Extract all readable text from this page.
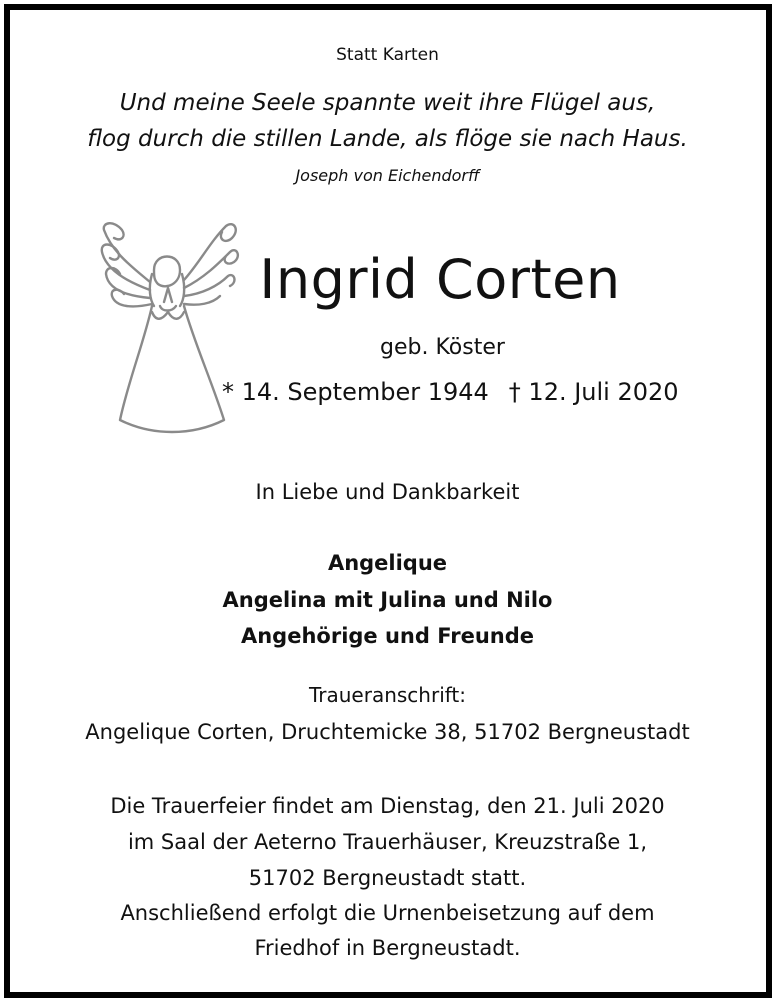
Statt Karten
Und meine Seele spannte weit ihre Flügel aus,
flog durch die stillen Lande, als flöge sie nach Haus.
Joseph von Eichendorff
Ingrid Corten
geb. Köster
* 14. September 1944 † 12. Juli 2020
In Liebe und Dankbarkeit
Angelique
Angelina mit Julina und Nilo
Angehörige und Freunde
Traueranschrift:
Angelique Corten, Druchtemicke 38, 51702 Bergneustadt
Die Trauerfeier findet am Dienstag, den 21. Juli 2020
im Saal der Aeterno Trauerhäuser, Kreuzstraße 1,
51702 Bergneustadt statt.
Anschließend erfolgt die Urnenbeisetzung auf dem
Friedhof in Bergneustadt.
